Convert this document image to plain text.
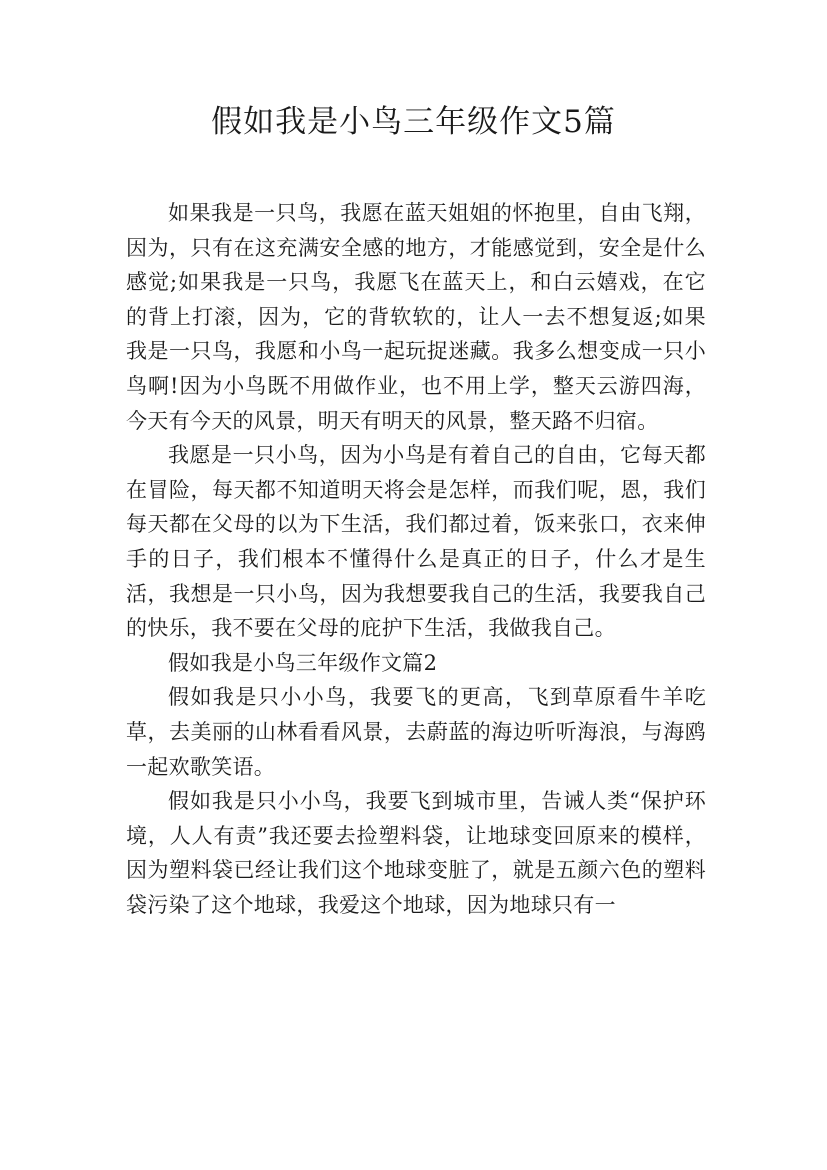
假如我是小鸟三年级作文5篇

如果我是一只鸟，我愿在蓝天姐姐的怀抱里，自由飞翔，因为，只有在这充满安全感的地方，才能感觉到，安全是什么感觉;如果我是一只鸟，我愿飞在蓝天上，和白云嬉戏，在它的背上打滚，因为，它的背软软的，让人一去不想复返;如果我是一只鸟，我愿和小鸟一起玩捉迷藏。我多么想变成一只小鸟啊!因为小鸟既不用做作业，也不用上学，整天云游四海，今天有今天的风景，明天有明天的风景，整天路不归宿。

我愿是一只小鸟，因为小鸟是有着自己的自由，它每天都在冒险，每天都不知道明天将会是怎样，而我们呢，恩，我们每天都在父母的以为下生活，我们都过着，饭来张口，衣来伸手的日子，我们根本不懂得什么是真正的日子，什么才是生活，我想是一只小鸟，因为我想要我自己的生活，我要我自己的快乐，我不要在父母的庇护下生活，我做我自己。

假如我是小鸟三年级作文篇2

假如我是只小小鸟，我要飞的更高，飞到草原看牛羊吃草，去美丽的山林看看风景，去蔚蓝的海边听听海浪，与海鸥一起欢歌笑语。

假如我是只小小鸟，我要飞到城市里，告诫人类“保护环境，人人有责”我还要去捡塑料袋，让地球变回原来的模样，因为塑料袋已经让我们这个地球变脏了，就是五颜六色的塑料袋污染了这个地球，我爱这个地球，因为地球只有一
